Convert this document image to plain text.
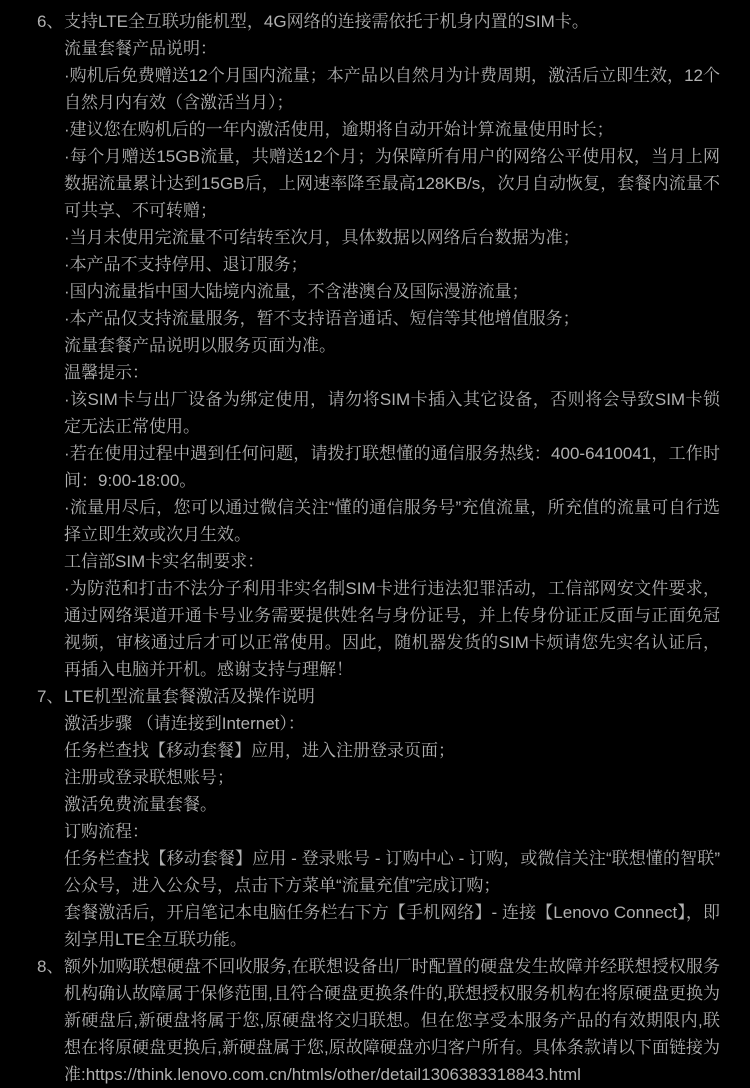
6、 支持LTE全互联功能机型，4G网络的连接需依托于机身内置的SIM卡。
流量套餐产品说明：
·购机后免费赠送12个月国内流量；本产品以自然月为计费周期，激活后立即生效，12个自然月内有效（含激活当月）；
·建议您在购机后的一年内激活使用，逾期将自动开始计算流量使用时长；
·每个月赠送15GB流量，共赠送12个月；为保障所有用户的网络公平使用权，当月上网数据流量累计达到15GB后，上网速率降至最高128KB/s，次月自动恢复，套餐内流量不可共享、不可转赠；
·当月未使用完流量不可结转至次月，具体数据以网络后台数据为准；
·本产品不支持停用、退订服务；
·国内流量指中国大陆境内流量，不含港澳台及国际漫游流量；
·本产品仅支持流量服务，暂不支持语音通话、短信等其他增值服务；
流量套餐产品说明以服务页面为准。
温馨提示：
·该SIM卡与出厂设备为绑定使用，请勿将SIM卡插入其它设备，否则将会导致SIM卡锁定无法正常使用。
·若在使用过程中遇到任何问题，请拨打联想懂的通信服务热线：400-6410041，工作时间：9:00-18:00。
·流量用尽后，您可以通过微信关注“懂的通信服务号”充值流量，所充值的流量可自行选择立即生效或次月生效。
工信部SIM卡实名制要求：
·为防范和打击不法分子利用非实名制SIM卡进行违法犯罪活动，工信部网安文件要求，通过网络渠道开通卡号业务需要提供姓名与身份证号，并上传身份证正反面与正面免冠视频，审核通过后才可以正常使用。因此，随机器发货的SIM卡烦请您先实名认证后，再插入电脑并开机。感谢支持与理解！
7、 LTE机型流量套餐激活及操作说明
激活步骤 （请连接到Internet）：
任务栏查找【移动套餐】应用，进入注册登录页面；
注册或登录联想账号；
激活免费流量套餐。
订购流程：
任务栏查找【移动套餐】应用 - 登录账号 - 订购中心 - 订购，或微信关注“联想懂的智联”公众号，进入公众号，点击下方菜单“流量充值”完成订购；
套餐激活后，开启笔记本电脑任务栏右下方【手机网络】- 连接【Lenovo Connect】，即刻享用LTE全互联功能。
8、 额外加购联想硬盘不回收服务,在联想设备出厂时配置的硬盘发生故障并经联想授权服务机构确认故障属于保修范围,且符合硬盘更换条件的,联想授权服务机构在将原硬盘更换为新硬盘后,新硬盘将属于您,原硬盘将交归联想。但在您享受本服务产品的有效期限内,联想在将原硬盘更换后,新硬盘属于您,原故障硬盘亦归客户所有。具体条款请以下面链接为准:https://think.lenovo.com.cn/htmls/other/detail1306383318843.html
